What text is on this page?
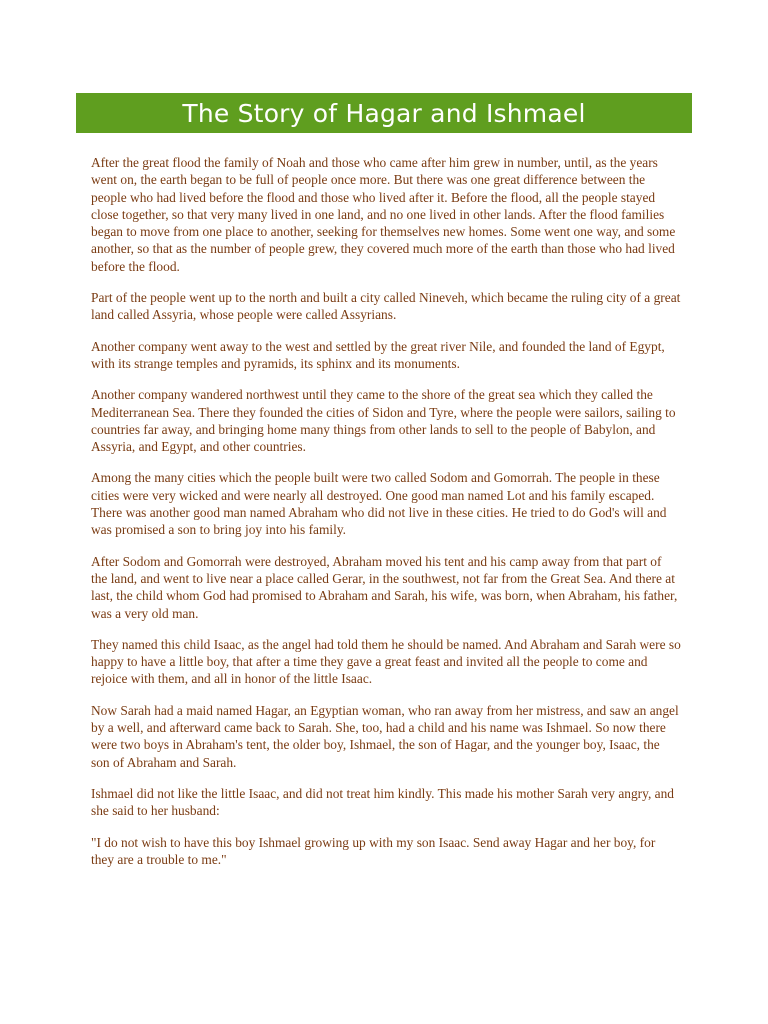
The Story of Hagar and Ishmael

After the great flood the family of Noah and those who came after him grew in number, until, as the years went on, the earth began to be full of people once more. But there was one great difference between the people who had lived before the flood and those who lived after it. Before the flood, all the people stayed close together, so that very many lived in one land, and no one lived in other lands. After the flood families began to move from one place to another, seeking for themselves new homes. Some went one way, and some another, so that as the number of people grew, they covered much more of the earth than those who had lived before the flood.

Part of the people went up to the north and built a city called Nineveh, which became the ruling city of a great land called Assyria, whose people were called Assyrians.

Another company went away to the west and settled by the great river Nile, and founded the land of Egypt, with its strange temples and pyramids, its sphinx and its monuments.

Another company wandered northwest until they came to the shore of the great sea which they called the Mediterranean Sea. There they founded the cities of Sidon and Tyre, where the people were sailors, sailing to countries far away, and bringing home many things from other lands to sell to the people of Babylon, and Assyria, and Egypt, and other countries.

Among the many cities which the people built were two called Sodom and Gomorrah. The people in these cities were very wicked and were nearly all destroyed. One good man named Lot and his family escaped. There was another good man named Abraham who did not live in these cities. He tried to do God's will and was promised a son to bring joy into his family.

After Sodom and Gomorrah were destroyed, Abraham moved his tent and his camp away from that part of the land, and went to live near a place called Gerar, in the southwest, not far from the Great Sea. And there at last, the child whom God had promised to Abraham and Sarah, his wife, was born, when Abraham, his father, was a very old man.

They named this child Isaac, as the angel had told them he should be named. And Abraham and Sarah were so happy to have a little boy, that after a time they gave a great feast and invited all the people to come and rejoice with them, and all in honor of the little Isaac.

Now Sarah had a maid named Hagar, an Egyptian woman, who ran away from her mistress, and saw an angel by a well, and afterward came back to Sarah. She, too, had a child and his name was Ishmael. So now there were two boys in Abraham's tent, the older boy, Ishmael, the son of Hagar, and the younger boy, Isaac, the son of Abraham and Sarah.

Ishmael did not like the little Isaac, and did not treat him kindly. This made his mother Sarah very angry, and she said to her husband:

"I do not wish to have this boy Ishmael growing up with my son Isaac. Send away Hagar and her boy, for they are a trouble to me."
